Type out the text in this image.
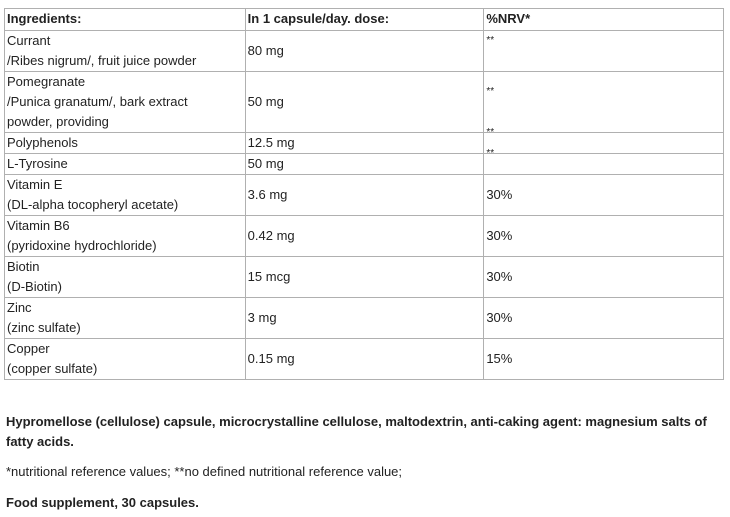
Ingredients:	In 1 capsule/day. dose:	%NRV*

Currant
/Ribes nigrum/, fruit juice powder	80 mg	**

Pomegranate
/Punica granatum/, bark extract
powder, providing	50 mg	**

Polyphenols	12.5 mg	**

L-Tyrosine	50 mg	**

Vitamin E
(DL-alpha tocopheryl acetate)	3.6 mg	30%

Vitamin B6
(pyridoxine hydrochloride)	0.42 mg	30%

Biotin
(D-Biotin)	15 mcg	30%

Zinc
(zinc sulfate)	3 mg	30%

Copper
(copper sulfate)	0.15 mg	15%

Hypromellose (cellulose) capsule, microcrystalline cellulose, maltodextrin, anti-caking agent: magnesium salts of fatty acids.

*nutritional reference values; **no defined nutritional reference value;

Food supplement, 30 capsules.
